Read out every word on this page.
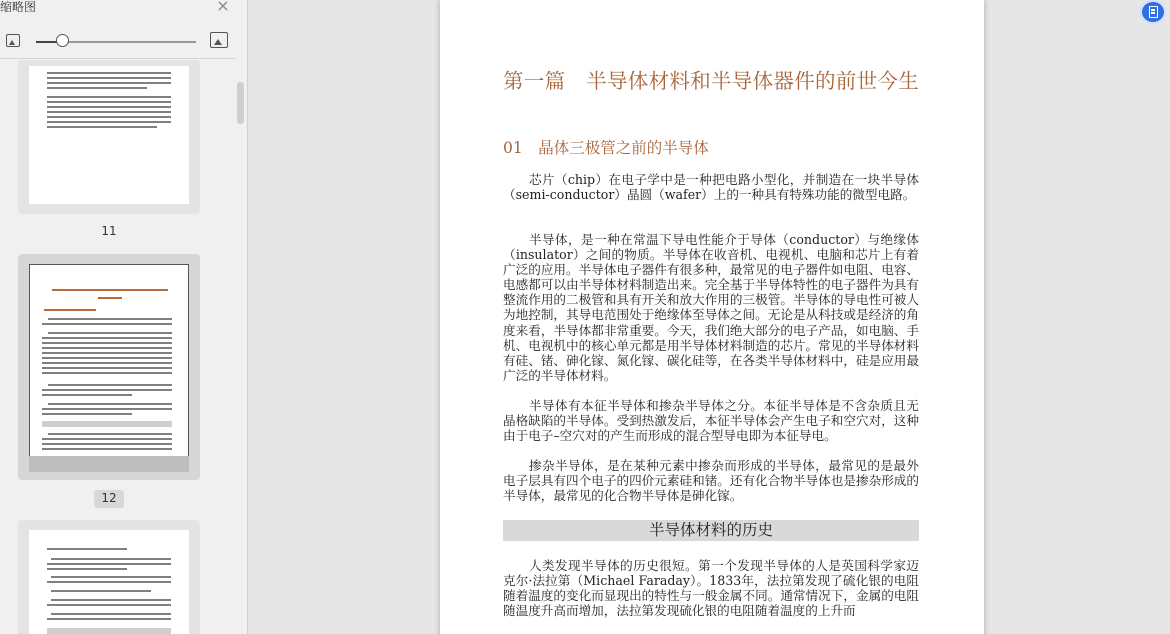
缩略图	×
11
12
第一篇　半导体材料和半导体器件的前世今生
01　晶体三极管之前的半导体
芯片（chip）在电子学中是一种把电路小型化，并制造在一块半导体（semi-conductor）晶圆（wafer）上的一种具有特殊功能的微型电路。
半导体，是一种在常温下导电性能介于导体（conductor）与绝缘体（insulator）之间的物质。半导体在收音机、电视机、电脑和芯片上有着广泛的应用。半导体电子器件有很多种，最常见的电子器件如电阻、电容、电感都可以由半导体材料制造出来。完全基于半导体特性的电子器件为具有整流作用的二极管和具有开关和放大作用的三极管。半导体的导电性可被人为地控制，其导电范围处于绝缘体至导体之间。无论是从科技或是经济的角度来看，半导体都非常重要。今天，我们绝大部分的电子产品，如电脑、手机、电视机中的核心单元都是用半导体材料制造的芯片。常见的半导体材料有硅、锗、砷化镓、氮化镓、碳化硅等，在各类半导体材料中，硅是应用最广泛的半导体材料。
半导体有本征半导体和掺杂半导体之分。本征半导体是不含杂质且无晶格缺陷的半导体。受到热激发后，本征半导体会产生电子和空穴对，这种由于电子–空穴对的产生而形成的混合型导电即为本征导电。
掺杂半导体，是在某种元素中掺杂而形成的半导体，最常见的是最外电子层具有四个电子的四价元素硅和锗。还有化合物半导体也是掺杂形成的半导体，最常见的化合物半导体是砷化镓。
半导体材料的历史
人类发现半导体的历史很短。第一个发现半导体的人是英国科学家迈克尔·法拉第（Michael Faraday）。1833年，法拉第发现了硫化银的电阻随着温度的变化而显现出的特性与一般金属不同。通常情况下，金属的电阻随温度升高而增加，法拉第发现硫化银的电阻随着温度的上升而
